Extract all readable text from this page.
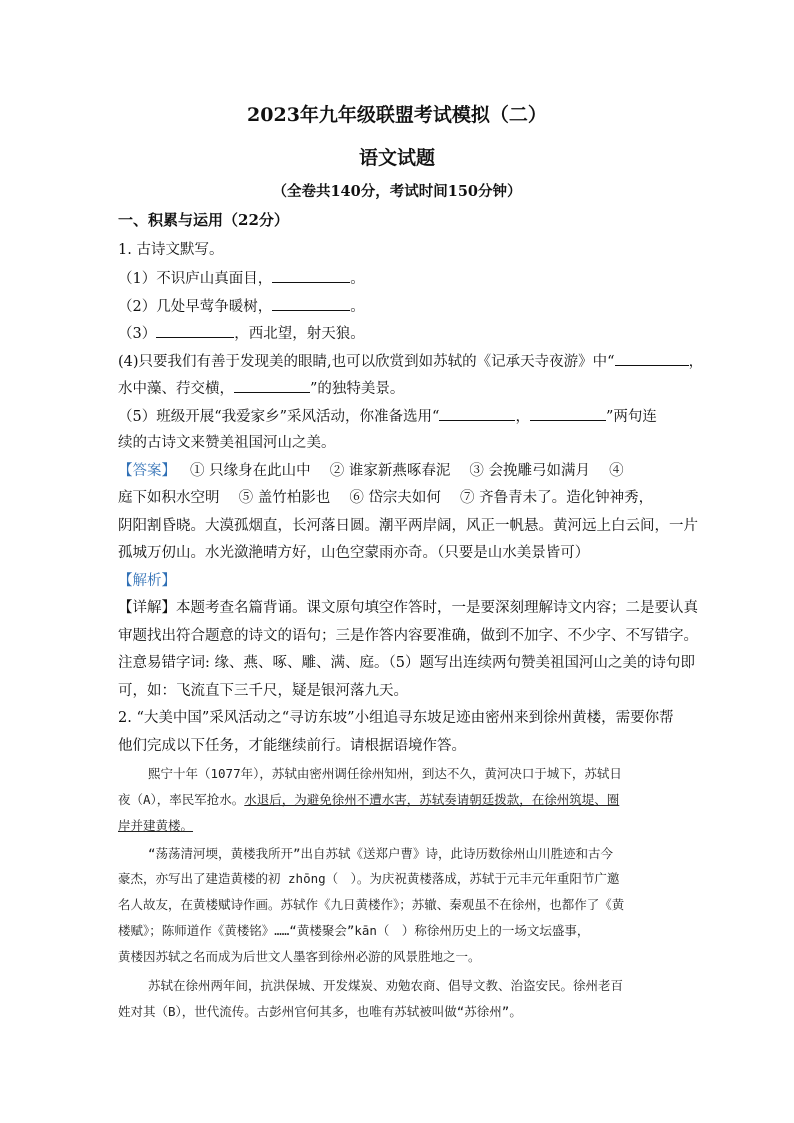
2023年九年级联盟考试模拟（二）
语文试题
（全卷共140分，考试时间150分钟）
一、积累与运用（22分）
1. 古诗文默写。
（1）不识庐山真面目，	。
（2）几处早莺争暖树，	。
（3）	，西北望，射天狼。
(4)只要我们有善于发现美的眼睛,也可以欣赏到如苏轼的《记承天寺夜游》中“	，
水中藻、荇交横，	”的独特美景。
（5）班级开展“我爱家乡”采风活动，你准备选用“	，	”两句连
续的古诗文来赞美祖国河山之美。
【答案】 ① 只缘身在此山中　 ② 谁家新燕啄春泥　 ③ 会挽雕弓如满月　 ④
庭下如积水空明　 ⑤ 盖竹柏影也　 ⑥ 岱宗夫如何　 ⑦ 齐鲁青未了。造化钟神秀，
阴阳割昏晓。大漠孤烟直，长河落日圆。潮平两岸阔，风正一帆悬。黄河远上白云间，一片
孤城万仞山。水光潋滟晴方好，山色空蒙雨亦奇。（只要是山水美景皆可）
【解析】
【详解】本题考查名篇背诵。课文原句填空作答时，一是要深刻理解诗文内容；二是要认真
审题找出符合题意的诗文的语句；三是作答内容要准确，做到不加字、不少字、不写错字。
注意易错字词: 缘、燕、啄、雕、满、庭。（5）题写出连续两句赞美祖国河山之美的诗句即
可，如：飞流直下三千尺，疑是银河落九天。
2. “大美中国”采风活动之“寻访东坡”小组追寻东坡足迹由密州来到徐州黄楼，需要你帮
他们完成以下任务，才能继续前行。请根据语境作答。
熙宁十年（1077年），苏轼由密州调任徐州知州，到达不久，黄河决口于城下，苏轼日
夜（A），率民军抢水。水退后，为避免徐州不遭水害，苏轼奏请朝廷拨款，在徐州筑堤、圈
岸并建黄楼。
“荡荡清河堧，黄楼我所开”出自苏轼《送郑户曹》诗，此诗历数徐州山川胜迹和古今
豪杰，亦写出了建造黄楼的初 zhōng（　）。为庆祝黄楼落成，苏轼于元丰元年重阳节广邀
名人故友，在黄楼赋诗作画。苏轼作《九日黄楼作》；苏辙、秦观虽不在徐州，也都作了《黄
楼赋》；陈师道作《黄楼铭》……“黄楼聚会”kān（　）称徐州历史上的一场文坛盛事，
黄楼因苏轼之名而成为后世文人墨客到徐州必游的风景胜地之一。
苏轼在徐州两年间，抗洪保城、开发煤炭、劝勉农商、倡导文教、治盗安民。徐州老百
姓对其（B），世代流传。古彭州官何其多，也唯有苏轼被叫做“苏徐州”。
